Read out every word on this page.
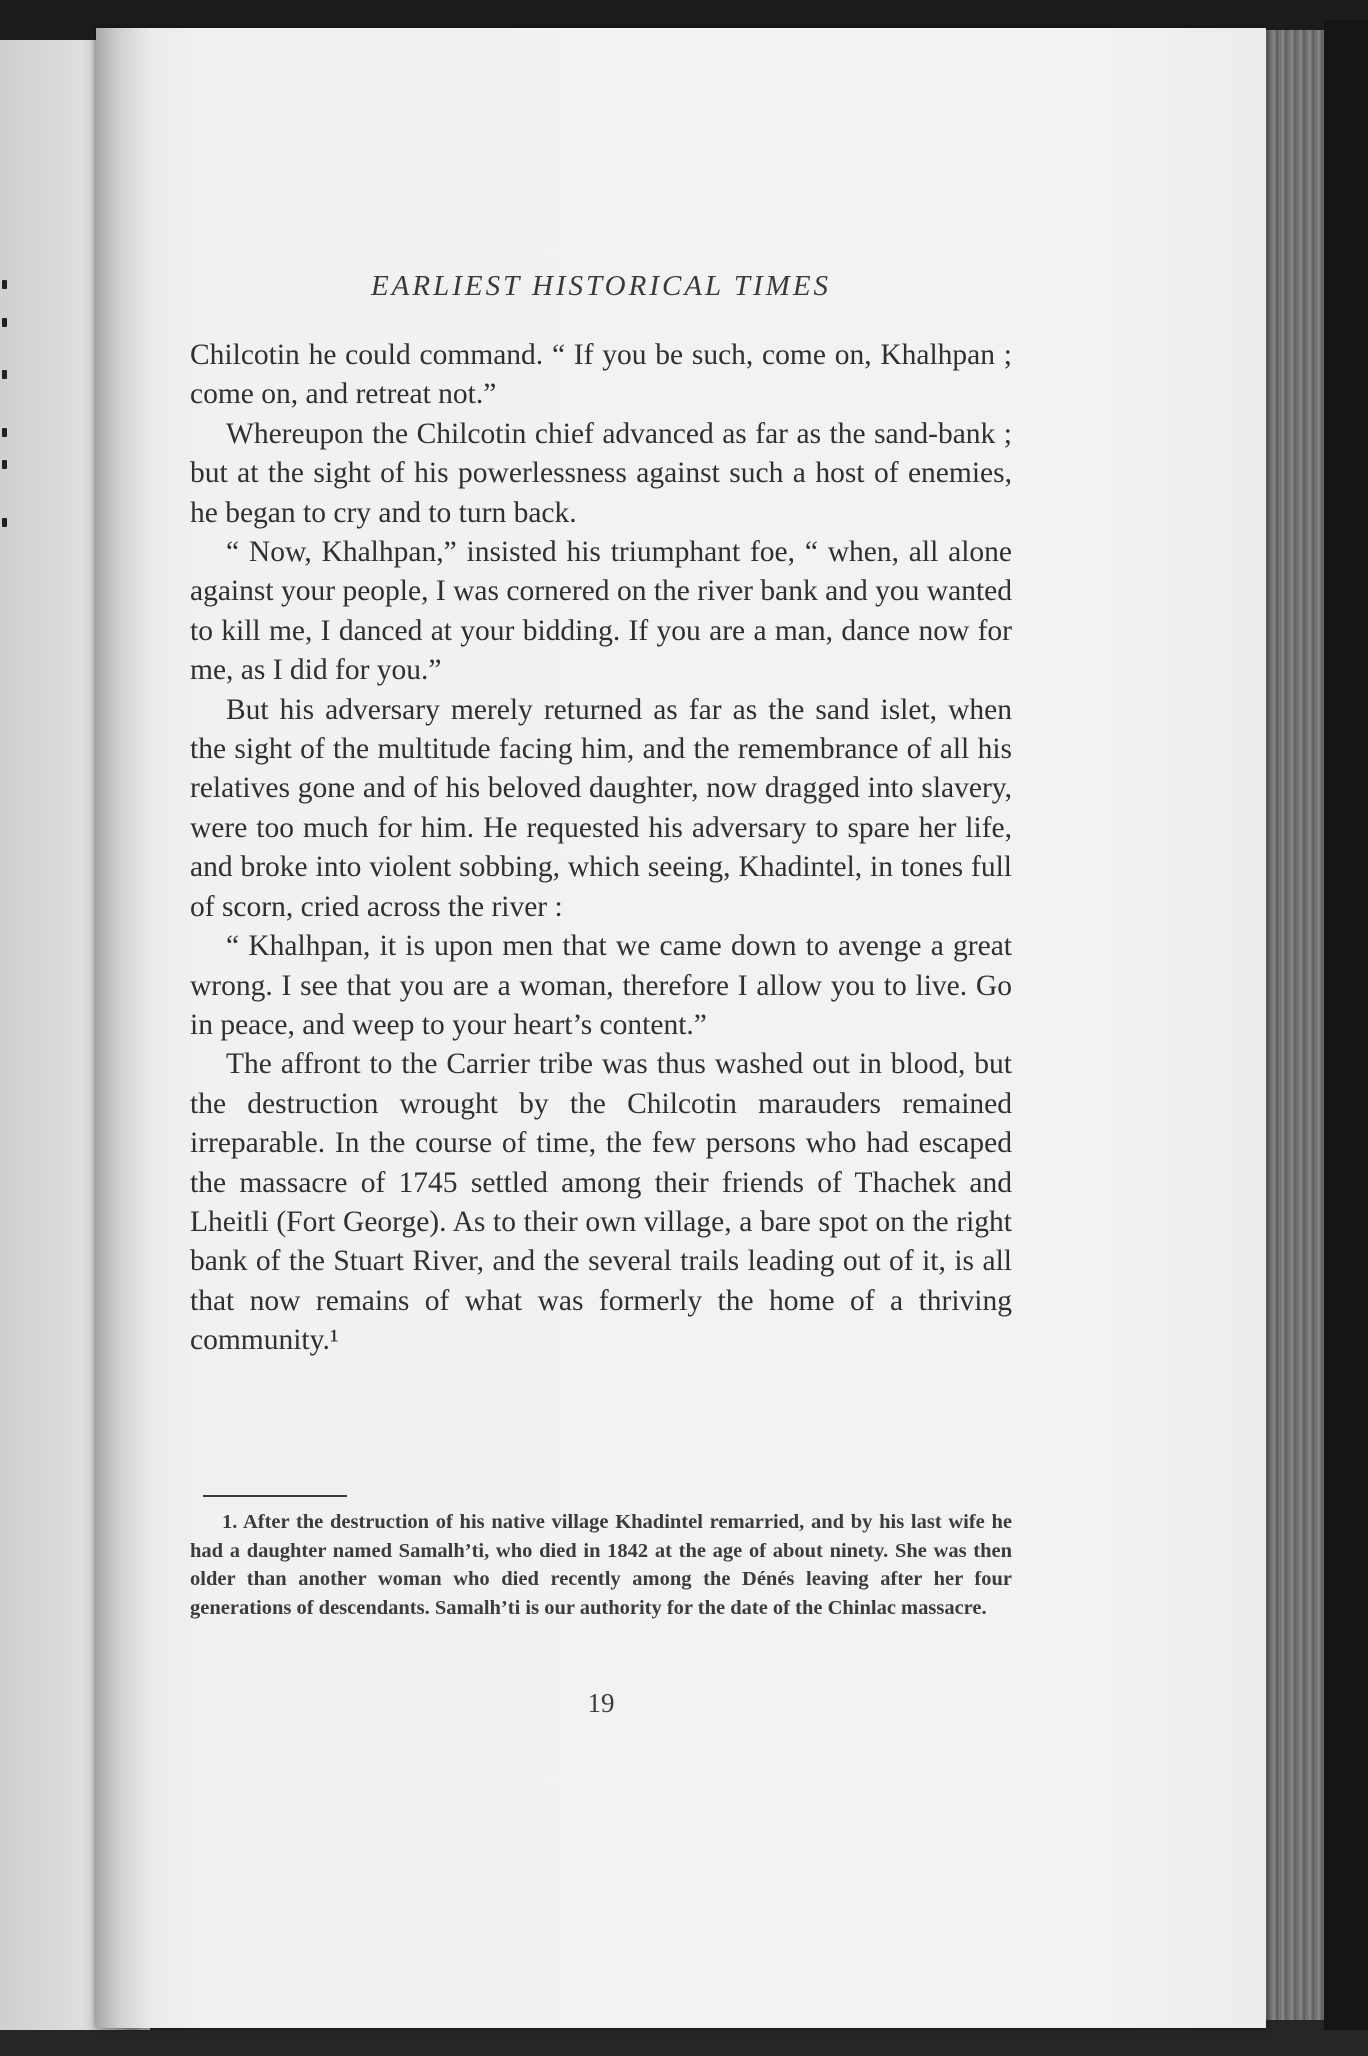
EARLIEST HISTORICAL TIMES

Chilcotin he could command. “ If you be such, come on, Khalhpan ; come on, and retreat not.”

Whereupon the Chilcotin chief advanced as far as the sand-bank ; but at the sight of his powerlessness against such a host of enemies, he began to cry and to turn back.

“ Now, Khalhpan,” insisted his triumphant foe, “ when, all alone against your people, I was cornered on the river bank and you wanted to kill me, I danced at your bidding. If you are a man, dance now for me, as I did for you.”

But his adversary merely returned as far as the sand islet, when the sight of the multitude facing him, and the remembrance of all his relatives gone and of his beloved daughter, now dragged into slavery, were too much for him. He requested his adversary to spare her life, and broke into violent sobbing, which seeing, Khadintel, in tones full of scorn, cried across the river :

“ Khalhpan, it is upon men that we came down to avenge a great wrong. I see that you are a woman, therefore I allow you to live. Go in peace, and weep to your heart’s content.”

The affront to the Carrier tribe was thus washed out in blood, but the destruction wrought by the Chilcotin marauders remained irreparable. In the course of time, the few persons who had escaped the massacre of 1745 settled among their friends of Thachek and Lheitli (Fort George). As to their own village, a bare spot on the right bank of the Stuart River, and the several trails leading out of it, is all that now remains of what was formerly the home of a thriving community.¹

1. After the destruction of his native village Khadintel remarried, and by his last wife he had a daughter named Samalh’ti, who died in 1842 at the age of about ninety. She was then older than another woman who died recently among the Dénés leaving after her four generations of descendants. Samalh’ti is our authority for the date of the Chinlac massacre.
19
